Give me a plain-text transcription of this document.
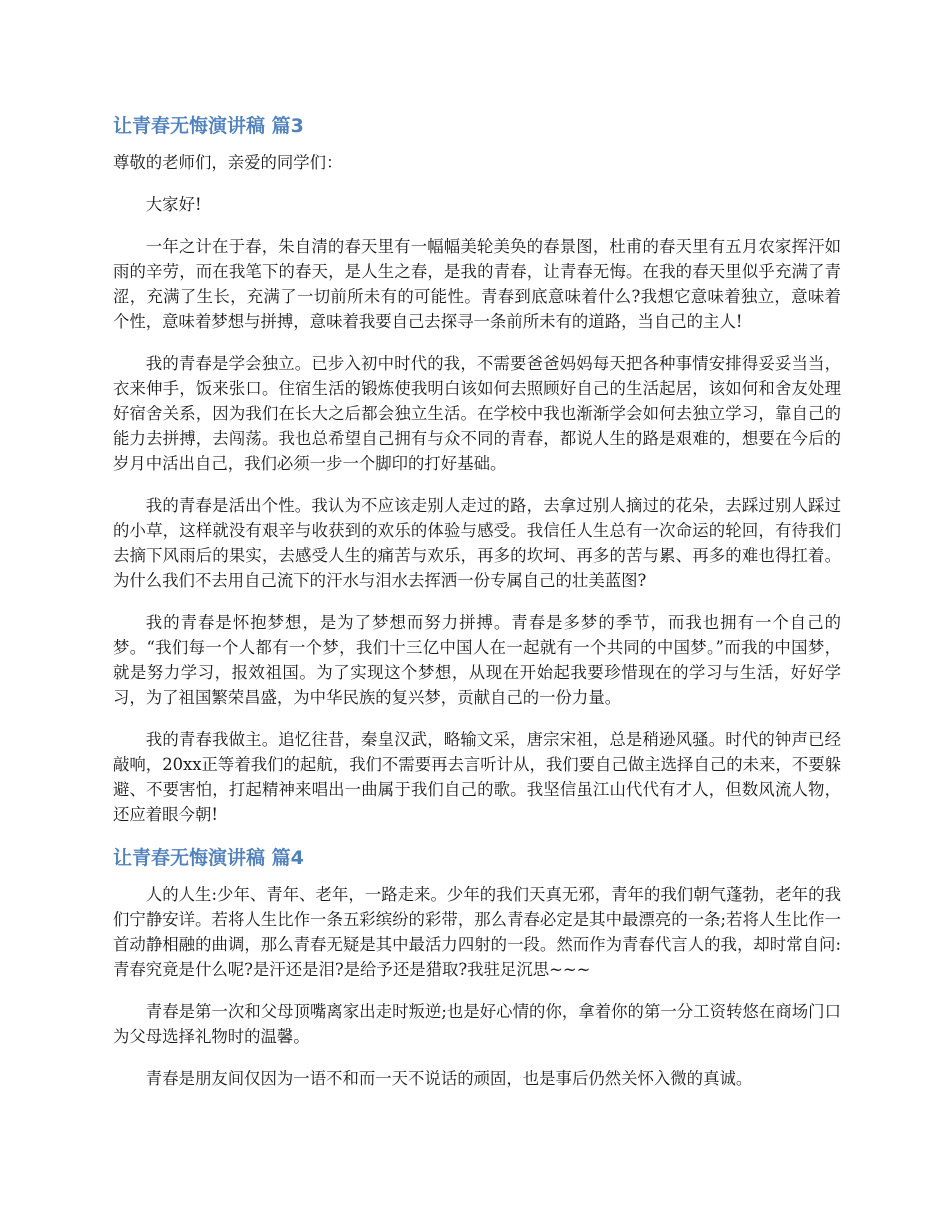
让青春无悔演讲稿 篇3

尊敬的老师们，亲爱的同学们：

大家好!

一年之计在于春，朱自清的春天里有一幅幅美轮美奂的春景图，杜甫的春天里有五月农家挥汗如雨的辛劳，而在我笔下的春天，是人生之春，是我的青春，让青春无悔。在我的春天里似乎充满了青涩，充满了生长，充满了一切前所未有的可能性。青春到底意味着什么?我想它意味着独立，意味着个性，意味着梦想与拼搏，意味着我要自己去探寻一条前所未有的道路，当自己的主人!

我的青春是学会独立。已步入初中时代的我，不需要爸爸妈妈每天把各种事情安排得妥妥当当，衣来伸手，饭来张口。住宿生活的锻炼使我明白该如何去照顾好自己的生活起居，该如何和舍友处理好宿舍关系，因为我们在长大之后都会独立生活。在学校中我也渐渐学会如何去独立学习，靠自己的能力去拼搏，去闯荡。我也总希望自己拥有与众不同的青春，都说人生的路是艰难的，想要在今后的岁月中活出自己，我们必须一步一个脚印的打好基础。

我的青春是活出个性。我认为不应该走别人走过的路，去拿过别人摘过的花朵，去踩过别人踩过的小草，这样就没有艰辛与收获到的欢乐的体验与感受。我信任人生总有一次命运的轮回，有待我们去摘下风雨后的果实，去感受人生的痛苦与欢乐，再多的坎坷、再多的苦与累、再多的难也得扛着。为什么我们不去用自己流下的汗水与泪水去挥洒一份专属自己的壮美蓝图?

我的青春是怀抱梦想，是为了梦想而努力拼搏。青春是多梦的季节，而我也拥有一个自己的梦。“我们每一个人都有一个梦，我们十三亿中国人在一起就有一个共同的中国梦。”而我的中国梦，就是努力学习，报效祖国。为了实现这个梦想，从现在开始起我要珍惜现在的学习与生活，好好学习，为了祖国繁荣昌盛，为中华民族的复兴梦，贡献自己的一份力量。

我的青春我做主。追忆往昔，秦皇汉武，略输文采，唐宗宋祖，总是稍逊风骚。时代的钟声已经敲响，20xx正等着我们的起航，我们不需要再去言听计从，我们要自己做主选择自己的未来，不要躲避、不要害怕，打起精神来唱出一曲属于我们自己的歌。我坚信虽江山代代有才人，但数风流人物，还应着眼今朝!

让青春无悔演讲稿 篇4

人的人生:少年、青年、老年，一路走来。少年的我们天真无邪，青年的我们朝气蓬勃，老年的我们宁静安详。若将人生比作一条五彩缤纷的彩带，那么青春必定是其中最漂亮的一条;若将人生比作一首动静相融的曲调，那么青春无疑是其中最活力四射的一段。然而作为青春代言人的我，却时常自问:青春究竟是什么呢?是汗还是泪?是给予还是猎取?我驻足沉思~~~

青春是第一次和父母顶嘴离家出走时叛逆;也是好心情的你，拿着你的第一分工资转悠在商场门口为父母选择礼物时的温馨。

青春是朋友间仅因为一语不和而一天不说话的顽固，也是事后仍然关怀入微的真诚。
